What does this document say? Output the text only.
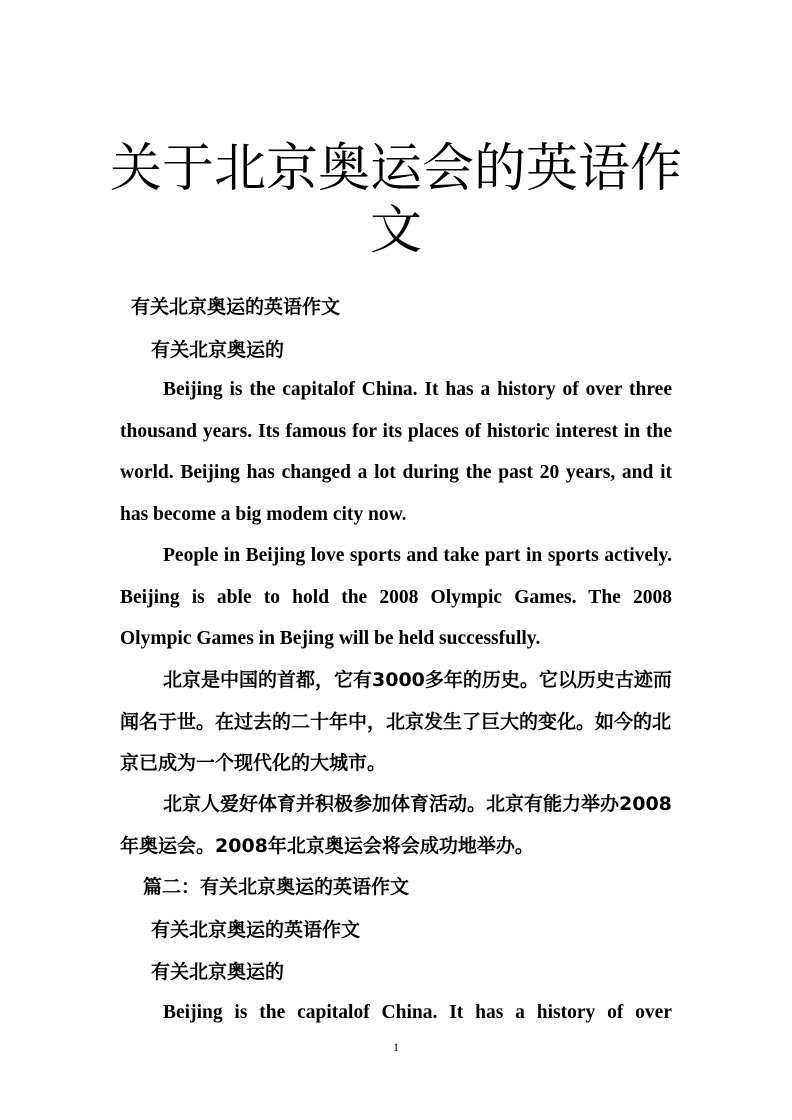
关于北京奥运会的英语作文
有关北京奥运的英语作文
有关北京奥运的
Beijing is the capitalof China. It has a history of over three thousand years. Its famous for its places of historic interest in the world. Beijing has changed a lot during the past 20 years, and it has become a big modem city now.
People in Beijing love sports and take part in sports actively. Beijing is able to hold the 2008 Olympic Games. The 2008 Olympic Games in Bejing will be held successfully.
北京是中国的首都，它有3000多年的历史。它以历史古迹而闻名于世。在过去的二十年中，北京发生了巨大的变化。如今的北京已成为一个现代化的大城市。
北京人爱好体育并积极参加体育活动。北京有能力举办2008年奥运会。2008年北京奥运会将会成功地举办。
篇二：有关北京奥运的英语作文
有关北京奥运的英语作文
有关北京奥运的
Beijing is the capitalof China. It has a history of over
1
